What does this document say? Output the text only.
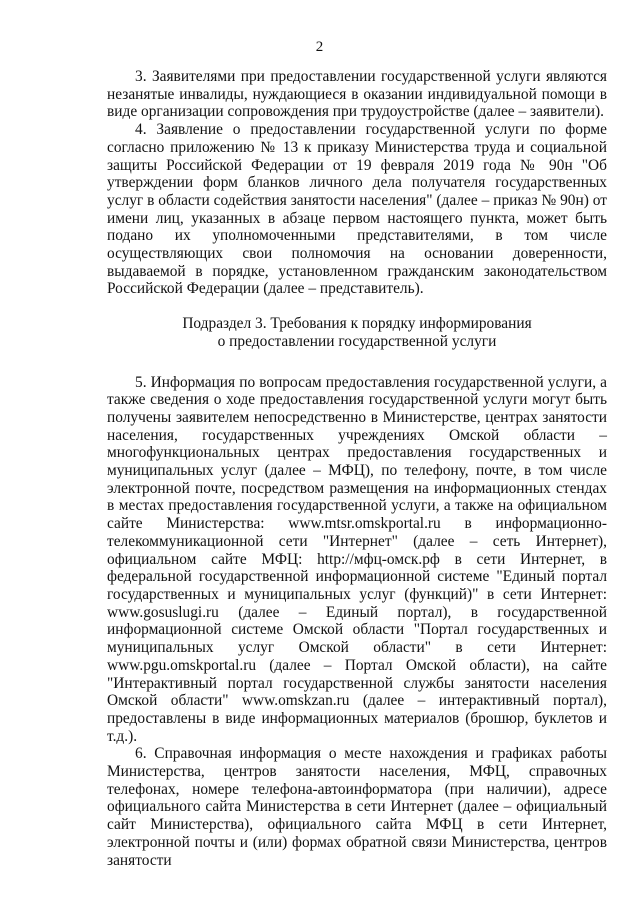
2

3. Заявителями при предоставлении государственной услуги являются незанятые инвалиды, нуждающиеся в оказании индивидуальной помощи в виде организации сопровождения при трудоустройстве (далее – заявители).

4. Заявление о предоставлении государственной услуги по форме согласно приложению № 13 к приказу Министерства труда и социальной защиты Российской Федерации от 19 февраля 2019 года № 90н "Об утверждении форм бланков личного дела получателя государственных услуг в области содействия занятости населения" (далее – приказ № 90н) от имени лиц, указанных в абзаце первом настоящего пункта, может быть подано их уполномоченными представителями, в том числе осуществляющих свои полномочия на основании доверенности, выдаваемой в порядке, установленном гражданским законодательством Российской Федерации (далее – представитель).

Подраздел 3. Требования к порядку информирования
о предоставлении государственной услуги

5. Информация по вопросам предоставления государственной услуги, а также сведения о ходе предоставления государственной услуги могут быть получены заявителем непосредственно в Министерстве, центрах занятости населения, государственных учреждениях Омской области – многофункциональных центрах предоставления государственных и муниципальных услуг (далее – МФЦ), по телефону, почте, в том числе электронной почте, посредством размещения на информационных стендах в местах предоставления государственной услуги, а также на официальном сайте Министерства: www.mtsr.omskportal.ru в информационно-телекоммуникационной сети "Интернет" (далее – сеть Интернет), официальном сайте МФЦ: http://мфц-омск.рф в сети Интернет, в федеральной государственной информационной системе "Единый портал государственных и муниципальных услуг (функций)" в сети Интернет: www.gosuslugi.ru (далее – Единый портал), в государственной информационной системе Омской области "Портал государственных и муниципальных услуг Омской области" в сети Интернет: www.pgu.omskportal.ru (далее – Портал Омской области), на сайте "Интерактивный портал государственной службы занятости населения Омской области" www.omskzan.ru (далее – интерактивный портал), предоставлены в виде информационных материалов (брошюр, буклетов и т.д.).

6. Справочная информация о месте нахождения и графиках работы Министерства, центров занятости населения, МФЦ, справочных телефонах, номере телефона-автоинформатора (при наличии), адресе официального сайта Министерства в сети Интернет (далее – официальный сайт Министерства), официального сайта МФЦ в сети Интернет, электронной почты и (или) формах обратной связи Министерства, центров занятости
